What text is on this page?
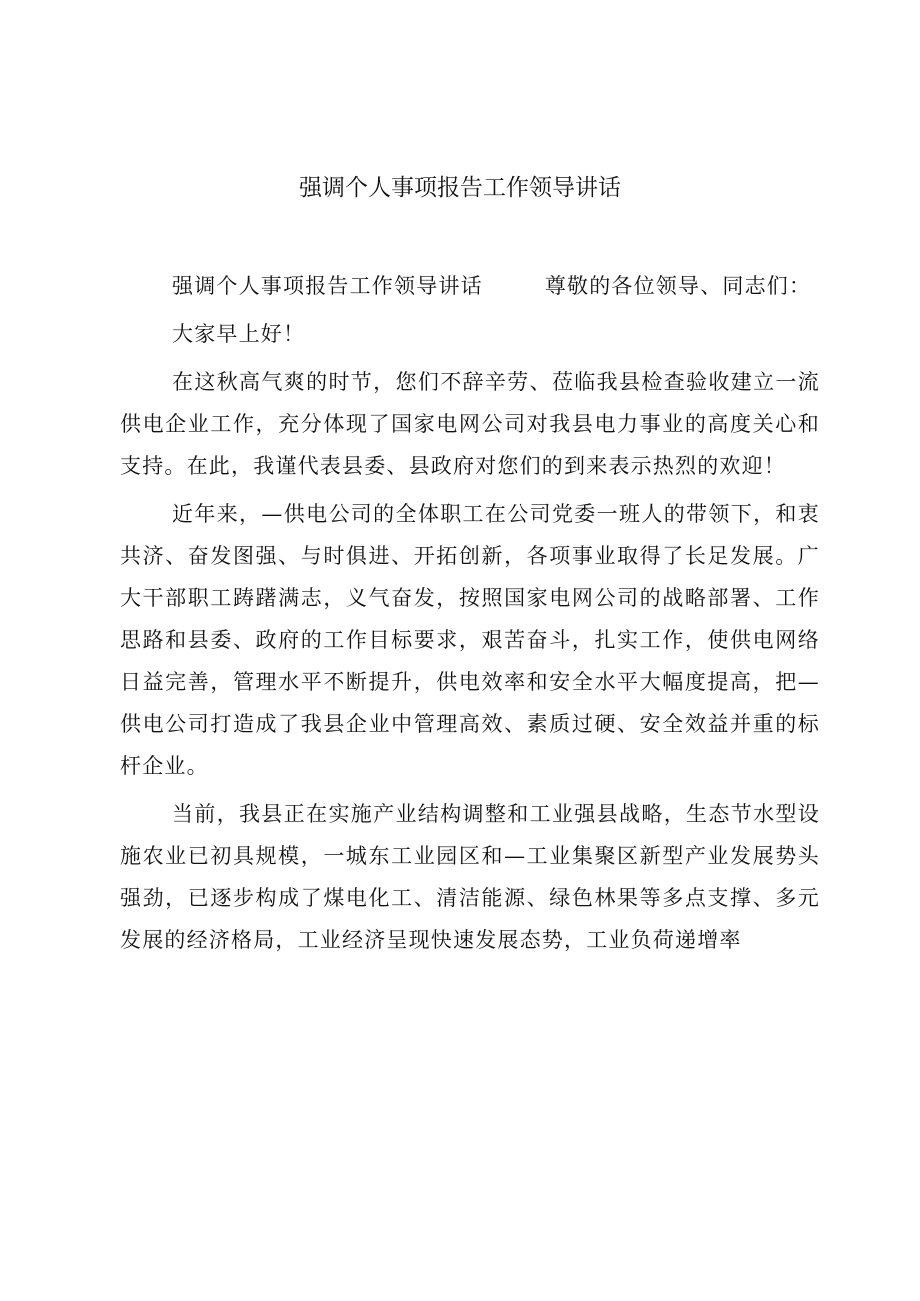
强调个人事项报告工作领导讲话

强调个人事项报告工作领导讲话	尊敬的各位领导、同志们：

大家早上好！

在这秋高气爽的时节，您们不辞辛劳、莅临我县检查验收建立一流供电企业工作，充分体现了国家电网公司对我县电力事业的高度关心和支持。在此，我谨代表县委、县政府对您们的到来表示热烈的欢迎！

近年来，—供电公司的全体职工在公司党委一班人的带领下，和衷共济、奋发图强、与时俱进、开拓创新，各项事业取得了长足发展。广大干部职工踌躇满志，义气奋发，按照国家电网公司的战略部署、工作思路和县委、政府的工作目标要求，艰苦奋斗，扎实工作，使供电网络日益完善，管理水平不断提升，供电效率和安全水平大幅度提高，把—供电公司打造成了我县企业中管理高效、素质过硬、安全效益并重的标杆企业。

当前，我县正在实施产业结构调整和工业强县战略，生态节水型设施农业已初具规模，一城东工业园区和—工业集聚区新型产业发展势头强劲，已逐步构成了煤电化工、清洁能源、绿色林果等多点支撑、多元发展的经济格局，工业经济呈现快速发展态势，工业负荷递增率
